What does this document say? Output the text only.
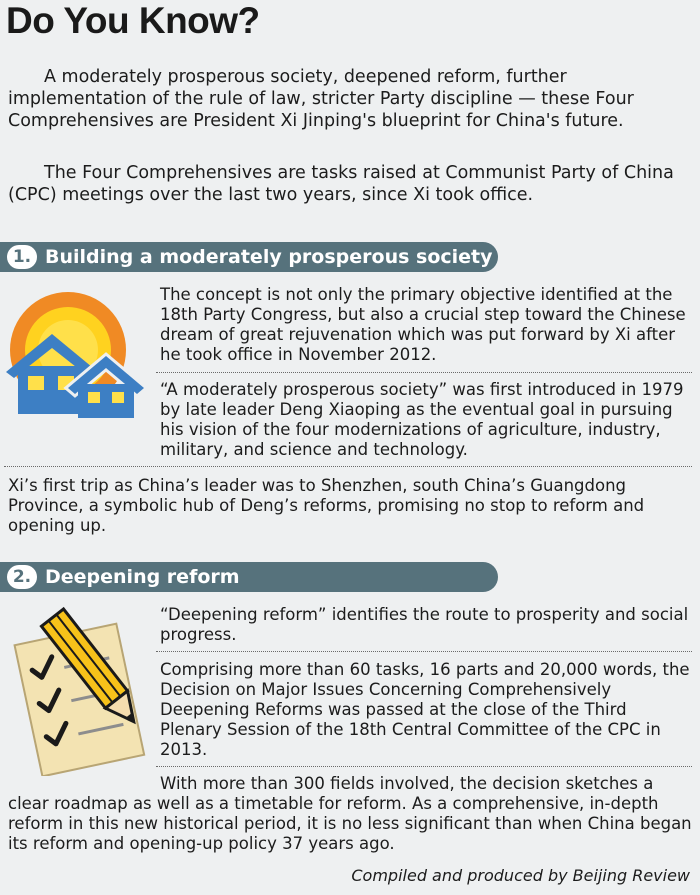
Do You Know?

A moderately prosperous society, deepened reform, further implementation of the rule of law, stricter Party discipline — these Four Comprehensives are President Xi Jinping's blueprint for China's future.

The Four Comprehensives are tasks raised at Communist Party of China (CPC) meetings over the last two years, since Xi took office.

1. Building a moderately prosperous society

The concept is not only the primary objective identified at the 18th Party Congress, but also a crucial step toward the Chinese dream of great rejuvenation which was put forward by Xi after he took office in November 2012.

“A moderately prosperous society” was first introduced in 1979 by late leader Deng Xiaoping as the eventual goal in pursuing his vision of the four modernizations of agriculture, industry, military, and science and technology.

Xi’s first trip as China’s leader was to Shenzhen, south China’s Guangdong Province, a symbolic hub of Deng’s reforms, promising no stop to reform and opening up.

2. Deepening reform

“Deepening reform” identifies the route to prosperity and social progress.

Comprising more than 60 tasks, 16 parts and 20,000 words, the Decision on Major Issues Concerning Comprehensively Deepening Reforms was passed at the close of the Third Plenary Session of the 18th Central Committee of the CPC in 2013.

With more than 300 fields involved, the decision sketches a clear roadmap as well as a timetable for reform. As a comprehensive, in-depth reform in this new historical period, it is no less significant than when China began its reform and opening-up policy 37 years ago.

Compiled and produced by Beijing Review
